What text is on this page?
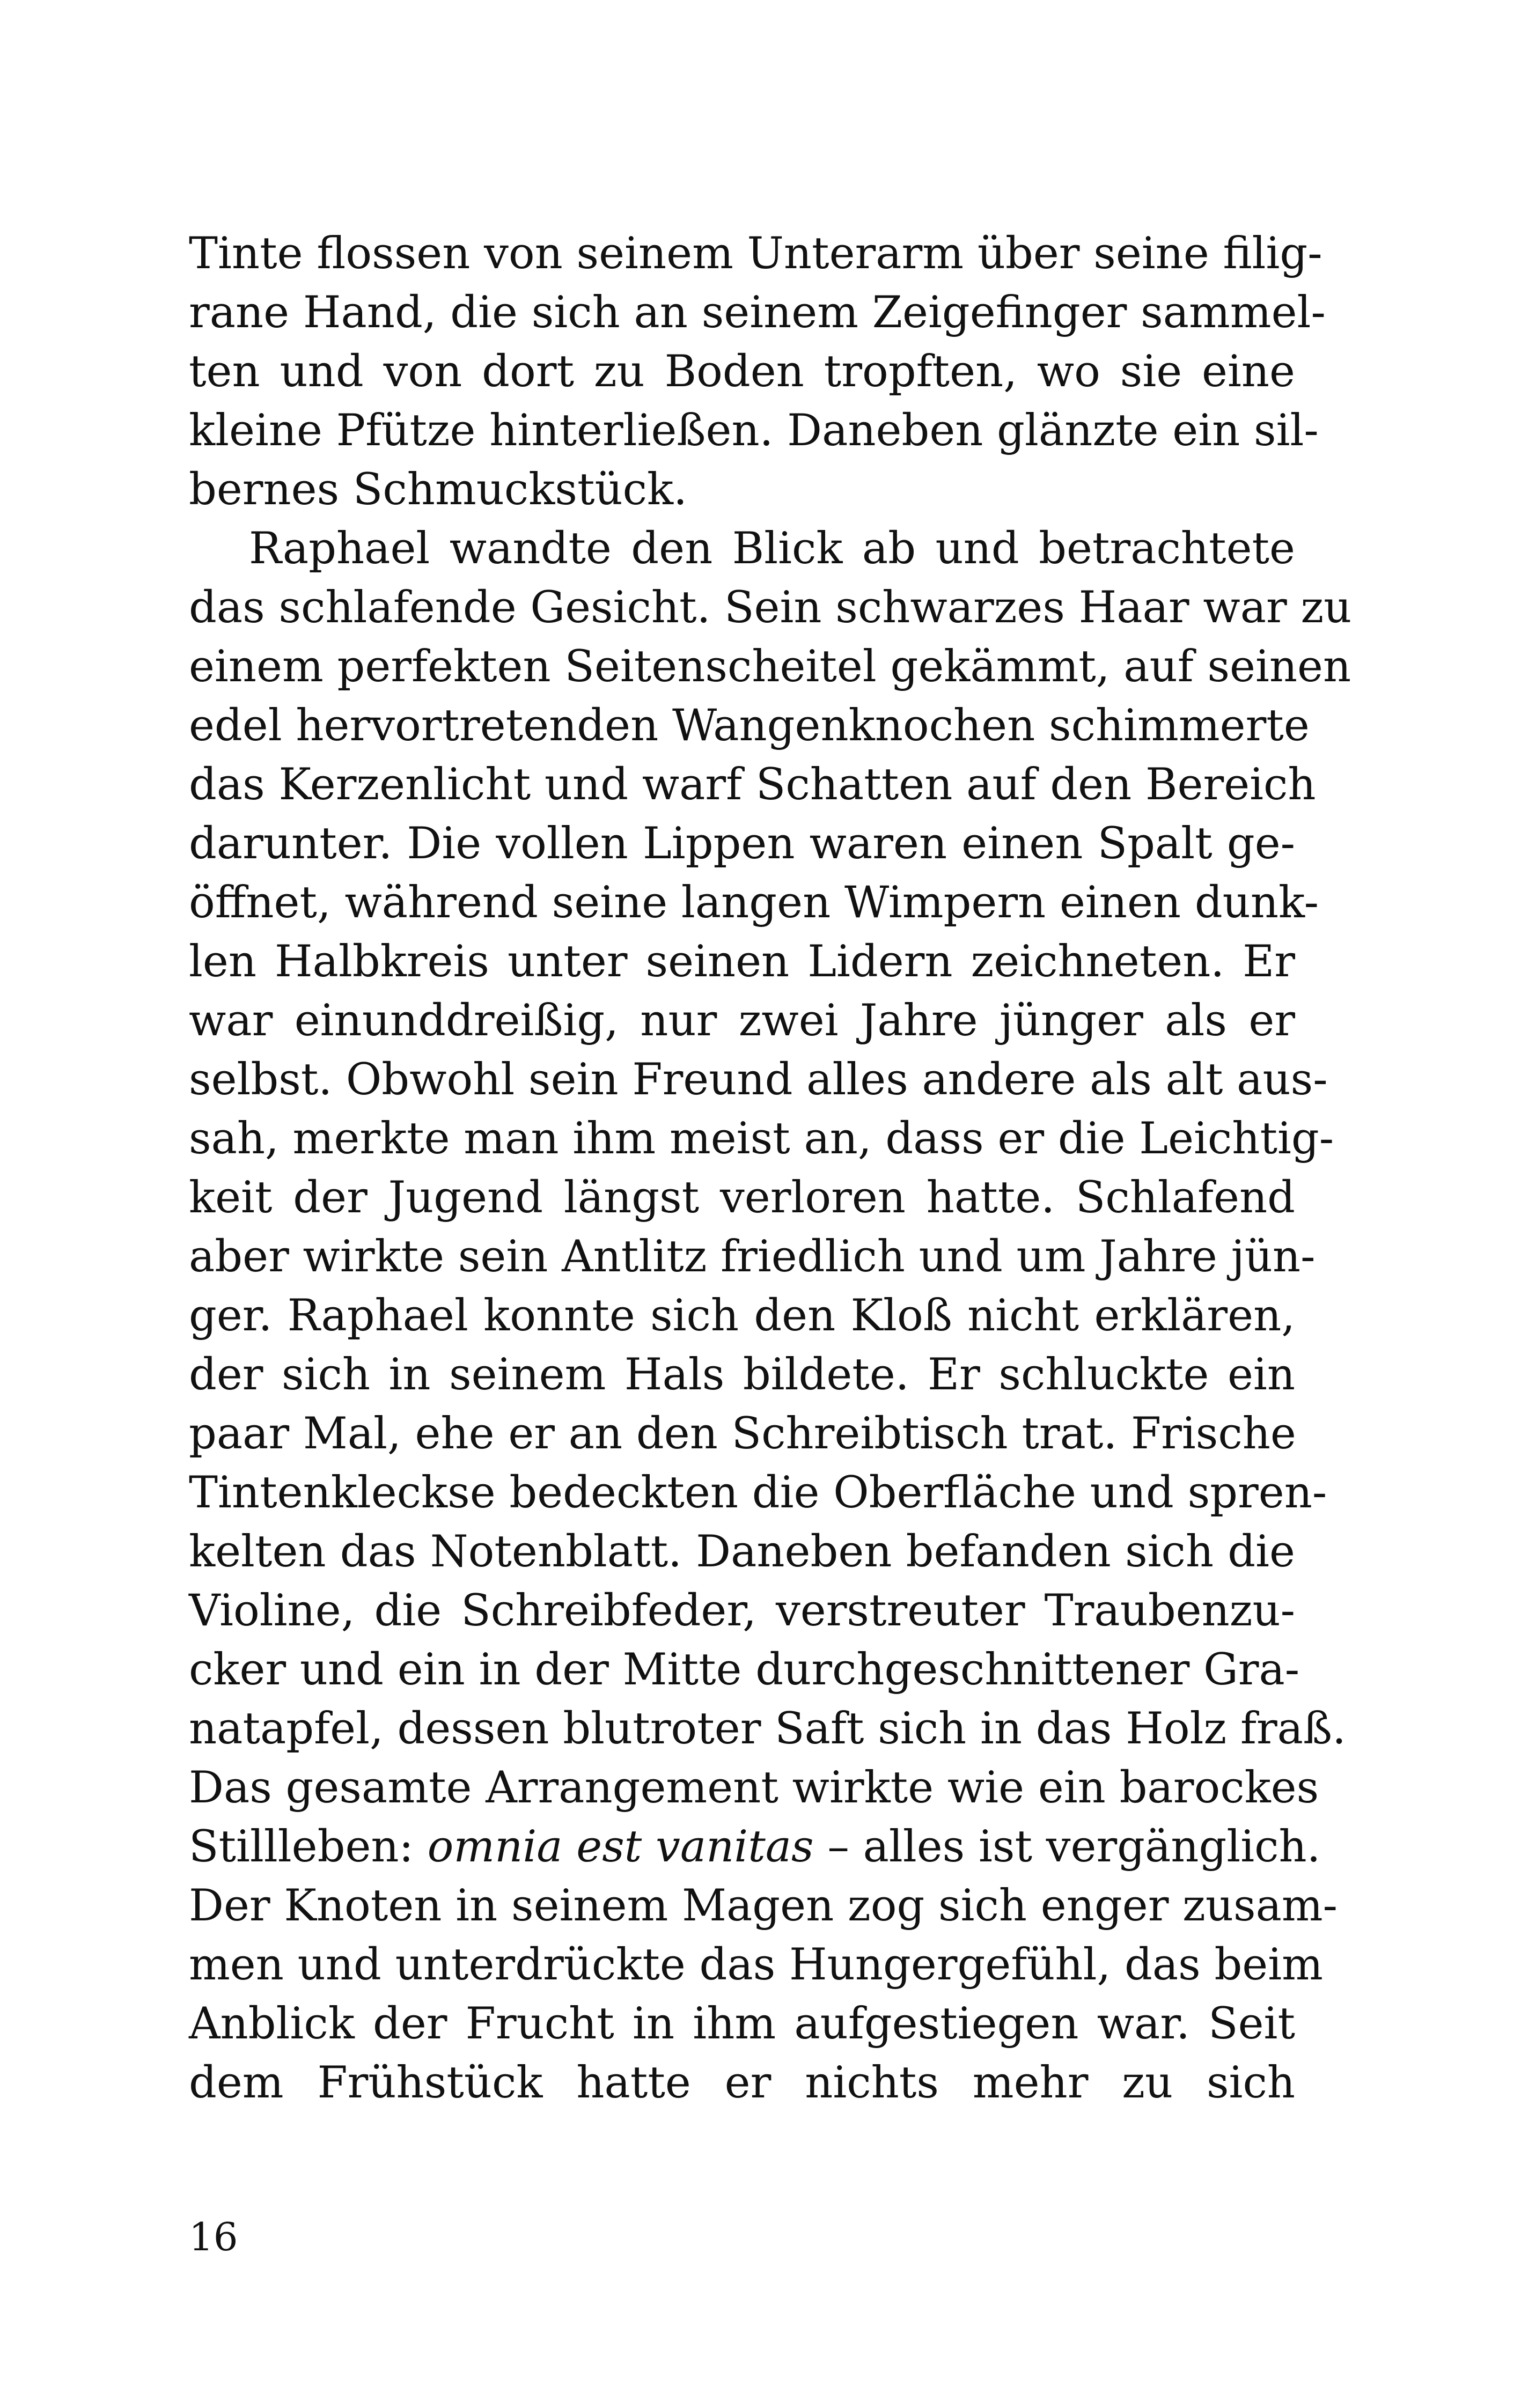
Tinte flossen von seinem Unterarm über seine filig-
rane Hand, die sich an seinem Zeigefinger sammel-
ten und von dort zu Boden tropften, wo sie eine
kleine Pfütze hinterließen. Daneben glänzte ein sil-
bernes Schmuckstück.
Raphael wandte den Blick ab und betrachtete
das schlafende Gesicht. Sein schwarzes Haar war zu
einem perfekten Seitenscheitel gekämmt, auf seinen
edel hervortretenden Wangenknochen schimmerte
das Kerzenlicht und warf Schatten auf den Bereich
darunter. Die vollen Lippen waren einen Spalt ge-
öffnet, während seine langen Wimpern einen dunk-
len Halbkreis unter seinen Lidern zeichneten. Er
war einunddreißig, nur zwei Jahre jünger als er
selbst. Obwohl sein Freund alles andere als alt aus-
sah, merkte man ihm meist an, dass er die Leichtig-
keit der Jugend längst verloren hatte. Schlafend
aber wirkte sein Antlitz friedlich und um Jahre jün-
ger. Raphael konnte sich den Kloß nicht erklären,
der sich in seinem Hals bildete. Er schluckte ein
paar Mal, ehe er an den Schreibtisch trat. Frische
Tintenkleckse bedeckten die Oberfläche und spren-
kelten das Notenblatt. Daneben befanden sich die
Violine, die Schreibfeder, verstreuter Traubenzu-
cker und ein in der Mitte durchgeschnittener Gra-
natapfel, dessen blutroter Saft sich in das Holz fraß.
Das gesamte Arrangement wirkte wie ein barockes
Stillleben: omnia est vanitas – alles ist vergänglich.
Der Knoten in seinem Magen zog sich enger zusam-
men und unterdrückte das Hungergefühl, das beim
Anblick der Frucht in ihm aufgestiegen war. Seit
dem Frühstück hatte er nichts mehr zu sich
16
